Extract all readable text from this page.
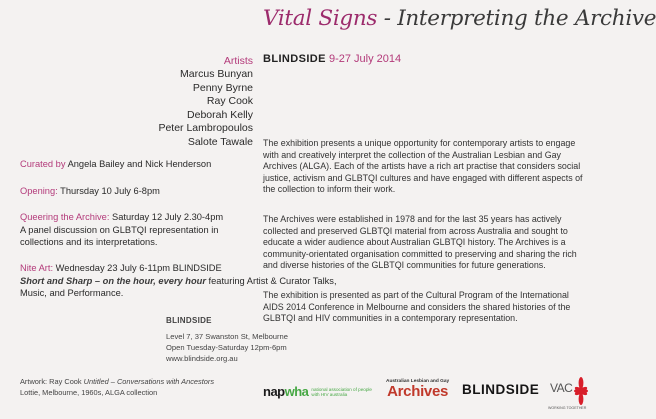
Vital Signs - Interpreting the Archive
Artists
Marcus Bunyan
Penny Byrne
Ray Cook
Deborah Kelly
Peter Lambropoulos
Salote Tawale
Curated by Angela Bailey and Nick Henderson
Opening: Thursday 10 July 6-8pm
Queering the Archive: Saturday 12 July 2.30-4pm
A panel discussion on GLBTQI representation in
collections and its interpretations.
Nite Art: Wednesday 23 July 6-11pm BLINDSIDE
Short and Sharp – on the hour, every hour featuring Artist & Curator Talks, Music, and Performance.
BLINDSIDE
Level 7, 37 Swanston St, Melbourne
Open Tuesday-Saturday 12pm-6pm
www.blindside.org.au
Artwork: Ray Cook Untitled – Conversations with Ancestors
Lottie, Melbourne, 1960s, ALGA collection
BLINDSIDE 9-27 July 2014

The exhibition presents a unique opportunity for contemporary artists to engage with and creatively interpret the collection of the Australian Lesbian and Gay Archives (ALGA). Each of the artists have a rich art practise that considers social justice, activism and GLBTQI cultures and have engaged with different aspects of the collection to inform their work.

The Archives were established in 1978 and for the last 35 years has actively collected and preserved GLBTQI material from across Australia and sought to educate a wider audience about Australian GLBTQI history. The Archives is a community-orientated organisation committed to preserving and sharing the rich and diverse histories of the GLBTQI communities for future generations.

The exhibition is presented as part of the Cultural Program of the International AIDS 2014 Conference in Melbourne and considers the shared histories of the GLBTQI and HIV communities in a contemporary representation.

napwha national association of people with HIV australia
Australian Lesbian and Gay
Archives BLINDSIDE VAC
WORKING TOGETHER
